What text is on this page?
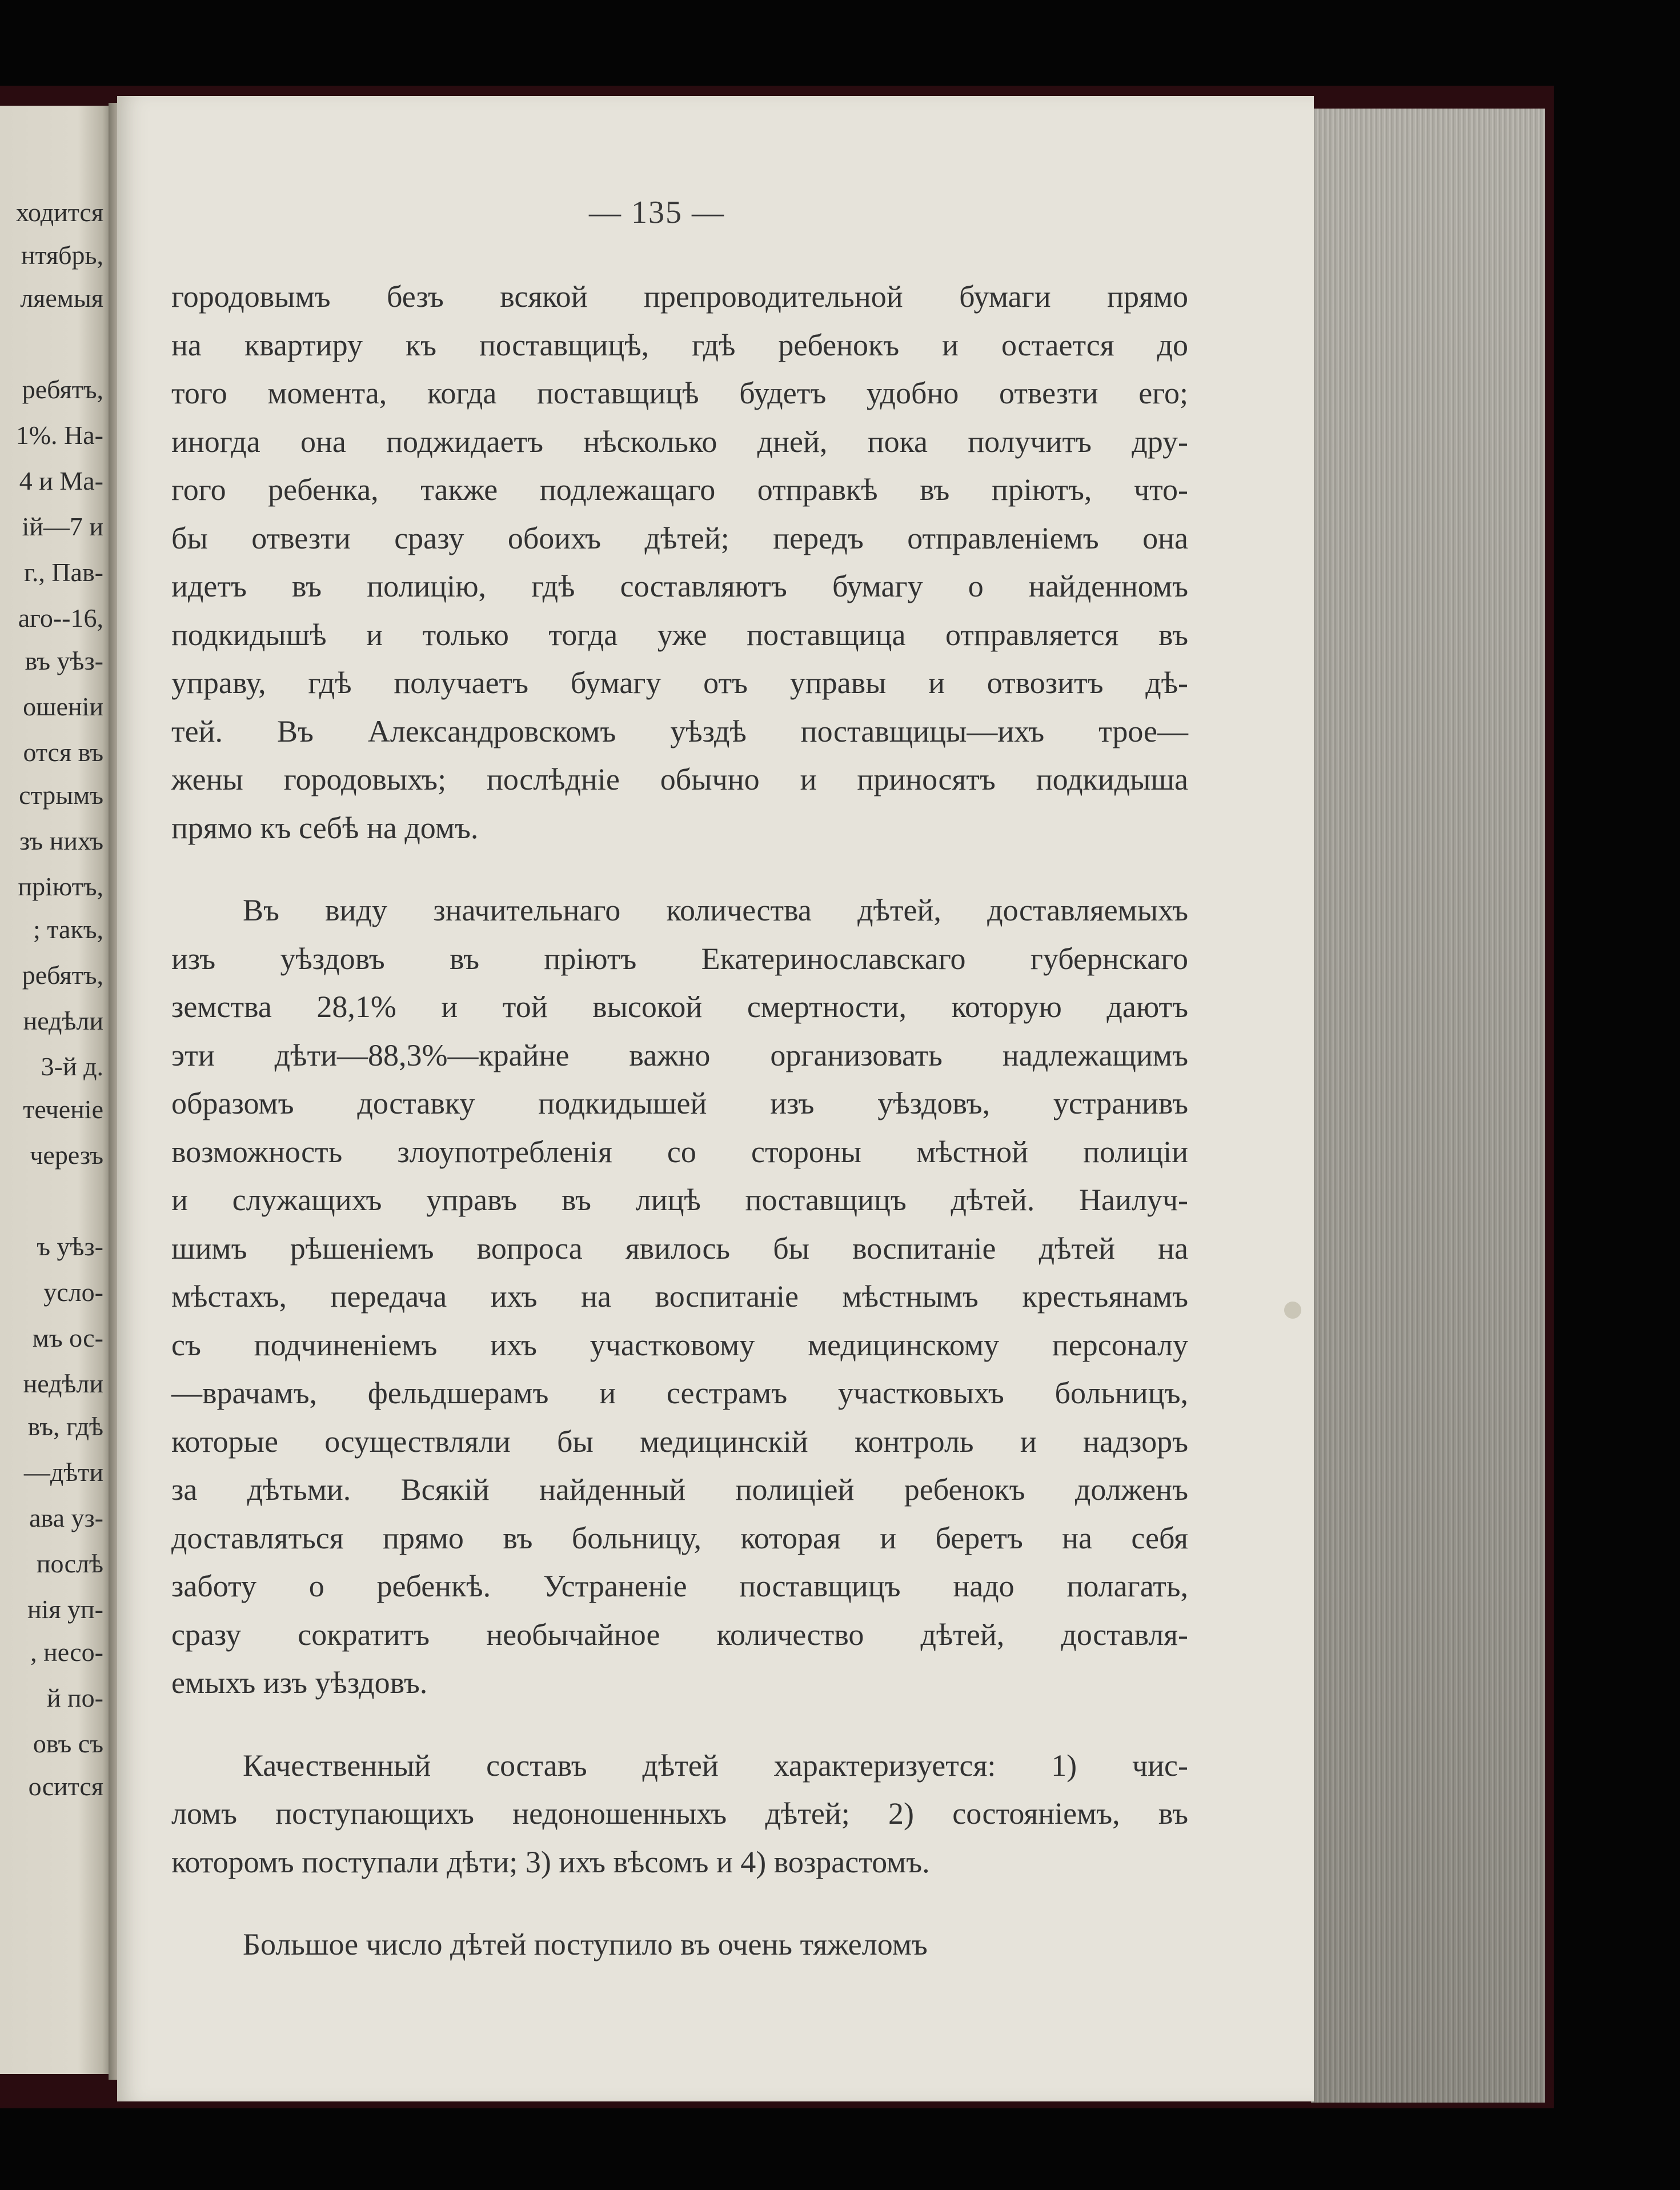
ходится
нтябрь,
ляемыя
ребятъ,
1%. На-
4 и Ма-
ій—7 и
г., Пав-
аго--16,
въ уѣз-
ошеніи
отся въ
стрымъ
зъ нихъ
пріютъ,
; такъ,
ребятъ,
недѣли
3-й д.
теченіе
черезъ
ъ уѣз-
усло-
мъ ос-
недѣли
въ, гдѣ
—дѣти
ава уз-
послѣ
нія уп-
, несо-
й по-
овъ съ
осится
— 135 —
городовымъ безъ всякой препроводительной бумаги прямо
на квартиру къ поставщицѣ, гдѣ ребенокъ и остается до
того момента, когда поставщицѣ будетъ удобно отвезти его;
иногда она поджидаетъ нѣсколько дней, пока получитъ дру-
гого ребенка, также подлежащаго отправкѣ въ пріютъ, что-
бы отвезти сразу обоихъ дѣтей; передъ отправленіемъ она
идетъ въ полицію, гдѣ составляютъ бумагу о найденномъ
подкидышѣ и только тогда уже поставщица отправляется въ
управу, гдѣ получаетъ бумагу отъ управы и отвозитъ дѣ-
тей. Въ Александровскомъ уѣздѣ поставщицы—ихъ трое—
жены городовыхъ; послѣдніе обычно и приносятъ подкидыша
прямо къ себѣ на домъ.
Въ виду значительнаго количества дѣтей, доставляемыхъ
изъ уѣздовъ въ пріютъ Екатеринославскаго губернскаго
земства 28,1% и той высокой смертности, которую даютъ
эти дѣти—88,3%—крайне важно организовать надлежащимъ
образомъ доставку подкидышей изъ уѣздовъ, устранивъ
возможность злоупотребленія со стороны мѣстной полиціи
и служащихъ управъ въ лицѣ поставщицъ дѣтей. Наилуч-
шимъ рѣшеніемъ вопроса явилось бы воспитаніе дѣтей на
мѣстахъ, передача ихъ на воспитаніе мѣстнымъ крестьянамъ
съ подчиненіемъ ихъ участковому медицинскому персоналу
—врачамъ, фельдшерамъ и сестрамъ участковыхъ больницъ,
которые осуществляли бы медицинскій контроль и надзоръ
за дѣтьми. Всякій найденный полиціей ребенокъ долженъ
доставляться прямо въ больницу, которая и беретъ на себя
заботу о ребенкѣ. Устраненіе поставщицъ надо полагать,
сразу сократитъ необычайное количество дѣтей, доставля-
емыхъ изъ уѣздовъ.
Качественный составъ дѣтей характеризуется: 1) чис-
ломъ поступающихъ недоношенныхъ дѣтей; 2) состояніемъ, въ
которомъ поступали дѣти; 3) ихъ вѣсомъ и 4) возрастомъ.
Большое число дѣтей поступило въ очень тяжеломъ
